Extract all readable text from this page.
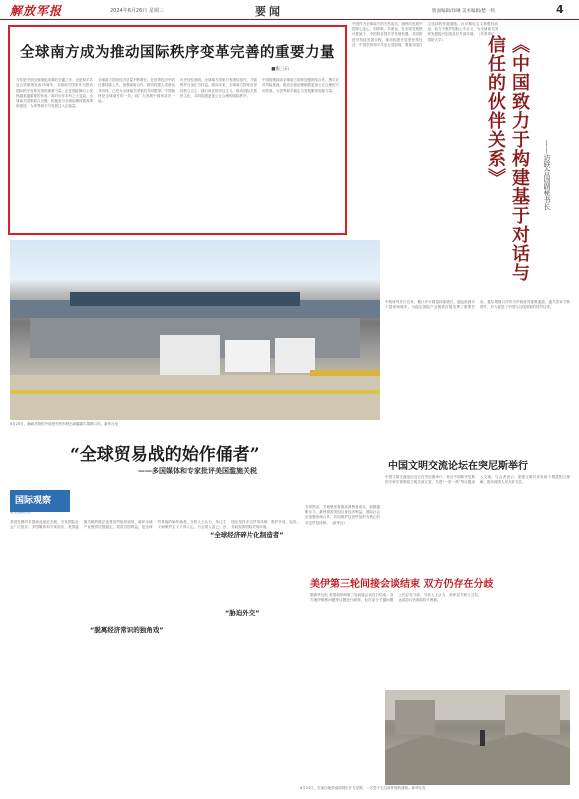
解放军报	2024年6月26日 星期三	要闻	版面编辑/徐琳 美术编辑/楚一鸣	4
全球南方成为推动国际秩序变革完善的重要力量
■张三石
今年是中国全面深化改革的关键之年，也是和平共处五项原则发表70周年。全球南方国家作为推动国际秩序变革完善的重要力量，正在国际舞台上发挥越来越重要的作用。面对百年未有之大变局，全球南方国家联合自强，积极参与全球治理体系改革和建设，为世界和平与发展注入正能量。
全球南方国家经济总量不断增长，在世界经济中的比重持续上升。加强南南合作，推动构建人类命运共同体，已成为全球南方国家的共同愿望。中国始终是全球南方的一员，同广大发展中国家站在一起。
历史经验表明，全球南方国家只有团结协作，才能维护自身正当权益。面向未来，全球南方国家应坚持独立自主，践行真正的多边主义，推动国际关系民主化，共同构建更加公正合理的国际秩序。
中国将继续同全球南方国家加强团结合作，携手应对风险挑战，推动全球治理朝着更加公正合理的方向发展，为世界和平稳定与发展繁荣贡献力量。
中国作为全球南方的天然成员，始终同发展中国家心连心、同呼吸、共命运。在全球发展倡议框架下，中国同各国共享发展机遇，共同推进可持续发展议程，推动构建开放型世界经济。中国坚持和平共处五项原则，尊重各国自主选择的发展道路，反对霸权主义和强权政治，致力于维护国际公平正义，为全球南方国家发展振兴创造良好外部环境。（作者单位：国防大学）	《中国致力于构建基于对话与信任的伙伴关系》	——访联合国副秘书长
6月25日，满载货物的中欧班列货车驶出新疆霍尔果斯口岸。新华社发
中欧班列开行以来，累计开行数量持续增长，通达欧洲多个国家和城市，为稳定国际产业链供应链发挥了重要作用。霍尔果斯口岸作为中欧班列重要通道，通关效率不断提升，有力促进了中国与沿线国家的经贸往来。
“全球贸易战的始作俑者”
——多国媒体和专家批评美国滥施关税
国际观察
聚焦国际热点
美国近期对多国商品加征关税，引发国际社会广泛批评。多国媒体和专家指出，美国滥施关税的做法违背世贸组织规则，破坏全球产业链供应链稳定，损害各国利益，是全球贸易战的始作俑者。分析人士认为，单边主义和保护主义不得人心，只会损人害己。各国应坚持多边贸易体制，维护开放、包容、非歧视的国际贸易环境。
专家指出，关税壁垒将推高消费者成本，加剧通胀压力，最终损害美国自身经济利益。国际社会应加强协调合作，共同维护以世贸组织为核心的多边贸易体制。（新华社）
“全球经济碎片化制造者”
“胁迫外交”
“脱离经济常识的独角戏”
中国文明交流论坛在突尼斯举行
中国文明交流论坛近日在突尼斯举行，来自中国和突尼斯的专家学者围绕文明交流互鉴、共建“一带一路”等议题深入交流。与会者表示，加强文明对话有助于增进相互理解，推动两国人民友好交往。
美伊第三轮间接会谈结束 双方仍存在分歧
据新华社电 美国和伊朗第三轮间接会谈近日结束。双方就伊朗核问题等议题进行磋商，但在部分关键问题上仍存在分歧。分析人士认为，美伊双方缺乏互信，达成协议仍面临较大困难。
6月24日，在加沙地带南部城市汗尤尼斯，一名男子走过被炸毁的建筑。新华社发
